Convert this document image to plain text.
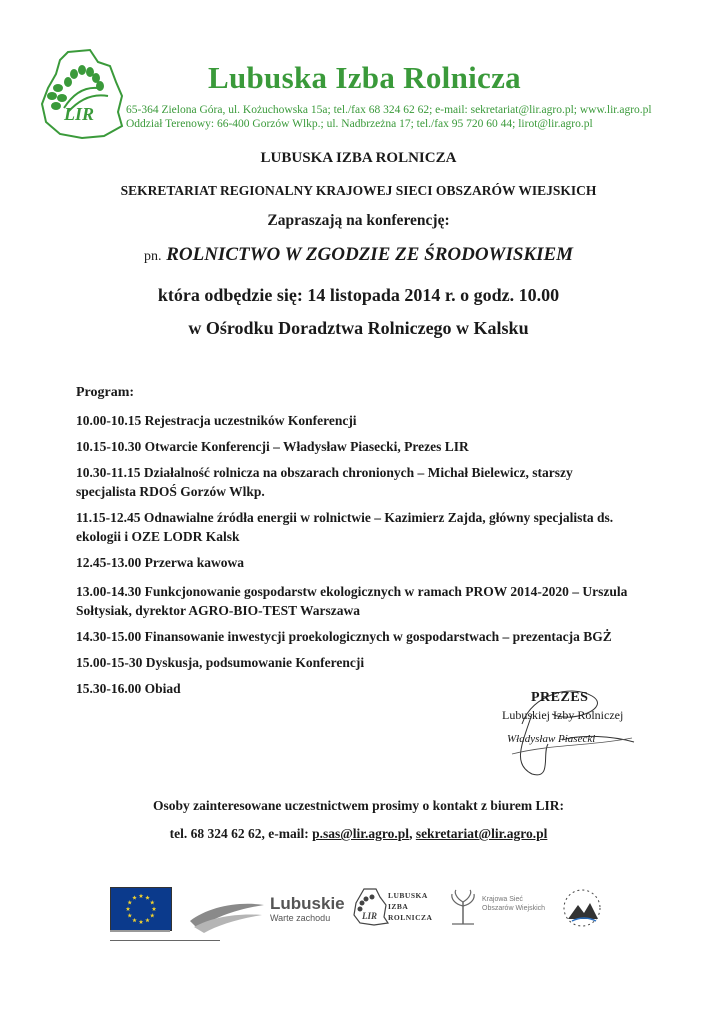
LIR
Lubuska Izba Rolnicza
65-364 Zielona Góra, ul. Kożuchowska 15a; tel./fax 68 324 62 62; e-mail: sekretariat@lir.agro.pl; www.lir.agro.pl
Oddział Terenowy: 66-400 Gorzów Wlkp.; ul. Nadbrzeżna 17; tel./fax 95 720 60 44; lirot@lir.agro.pl
LUBUSKA IZBA ROLNICZA
SEKRETARIAT REGIONALNY KRAJOWEJ SIECI OBSZARÓW WIEJSKICH
Zapraszają na konferencję:
pn. ROLNICTWO W ZGODZIE ZE ŚRODOWISKIEM
która odbędzie się: 14 listopada 2014 r. o godz. 10.00
w Ośrodku Doradztwa Rolniczego w Kalsku
Program:
10.00-10.15 Rejestracja uczestników Konferencji
10.15-10.30 Otwarcie Konferencji – Władysław Piasecki, Prezes LIR
10.30-11.15 Działalność rolnicza na obszarach chronionych – Michał Bielewicz, starszy specjalista RDOŚ Gorzów Wlkp.
11.15-12.45 Odnawialne źródła energii w rolnictwie – Kazimierz Zajda, główny specjalista ds. ekologii i OZE LODR Kalsk
12.45-13.00 Przerwa kawowa
13.00-14.30 Funkcjonowanie gospodarstw ekologicznych w ramach PROW 2014-2020 – Urszula Sołtysiak, dyrektor AGRO-BIO-TEST Warszawa
14.30-15.00 Finansowanie inwestycji proekologicznych w gospodarstwach – prezentacja BGŻ
15.00-15-30 Dyskusja, podsumowanie Konferencji
15.30-16.00 Obiad
PREZES
Lubuskiej Izby Rolniczej
Władysław Piasecki
Osoby zainteresowane uczestnictwem prosimy o kontakt z biurem LIR:
tel. 68 324 62 62, e-mail: p.sas@lir.agro.pl, sekretariat@lir.agro.pl
Lubuskie
Warte zachodu	LIR
LUBUSKA
IZBA
ROLNICZA
Krajowa Sieć
Obszarów Wiejskich
